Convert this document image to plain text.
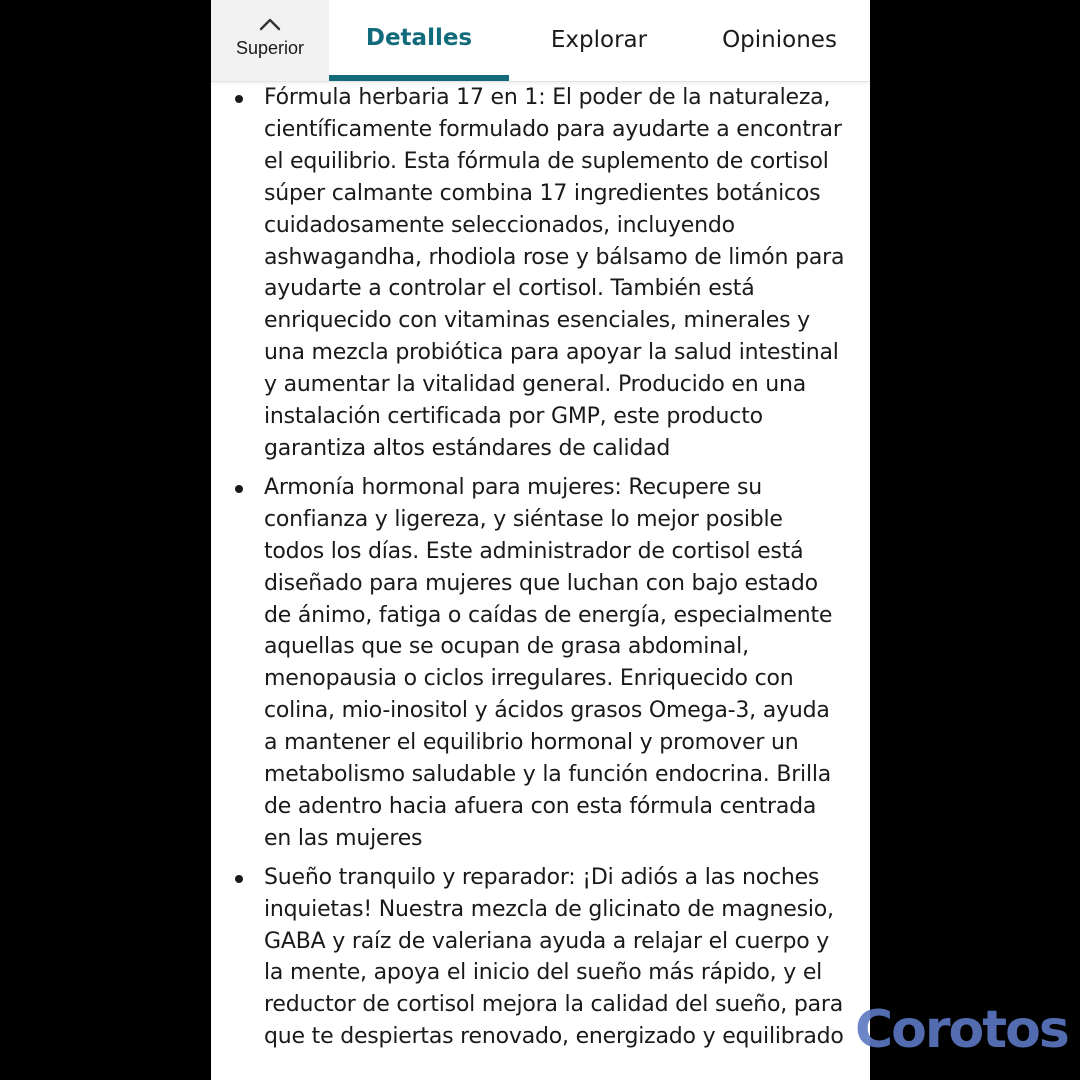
Superior	Detalles	Explorar	Opiniones
Fórmula herbaria 17 en 1: El poder de la naturaleza, científicamente formulado para ayudarte a encontrar el equilibrio. Esta fórmula de suplemento de cortisol súper calmante combina 17 ingredientes botánicos cuidadosamente seleccionados, incluyendo ashwagandha, rhodiola rose y bálsamo de limón para ayudarte a controlar el cortisol. También está enriquecido con vitaminas esenciales, minerales y una mezcla probiótica para apoyar la salud intestinal y aumentar la vitalidad general. Producido en una instalación certificada por GMP, este producto garantiza altos estándares de calidad
Armonía hormonal para mujeres: Recupere su confianza y ligereza, y siéntase lo mejor posible todos los días. Este administrador de cortisol está diseñado para mujeres que luchan con bajo estado de ánimo, fatiga o caídas de energía, especialmente aquellas que se ocupan de grasa abdominal, menopausia o ciclos irregulares. Enriquecido con colina, mio-inositol y ácidos grasos Omega-3, ayuda a mantener el equilibrio hormonal y promover un metabolismo saludable y la función endocrina. Brilla de adentro hacia afuera con esta fórmula centrada en las mujeres
Sueño tranquilo y reparador: ¡Di adiós a las noches inquietas! Nuestra mezcla de glicinato de magnesio, GABA y raíz de valeriana ayuda a relajar el cuerpo y la mente, apoya el inicio del sueño más rápido, y el reductor de cortisol mejora la calidad del sueño, para que te despiertas renovado, energizado y equilibrado Corotos
